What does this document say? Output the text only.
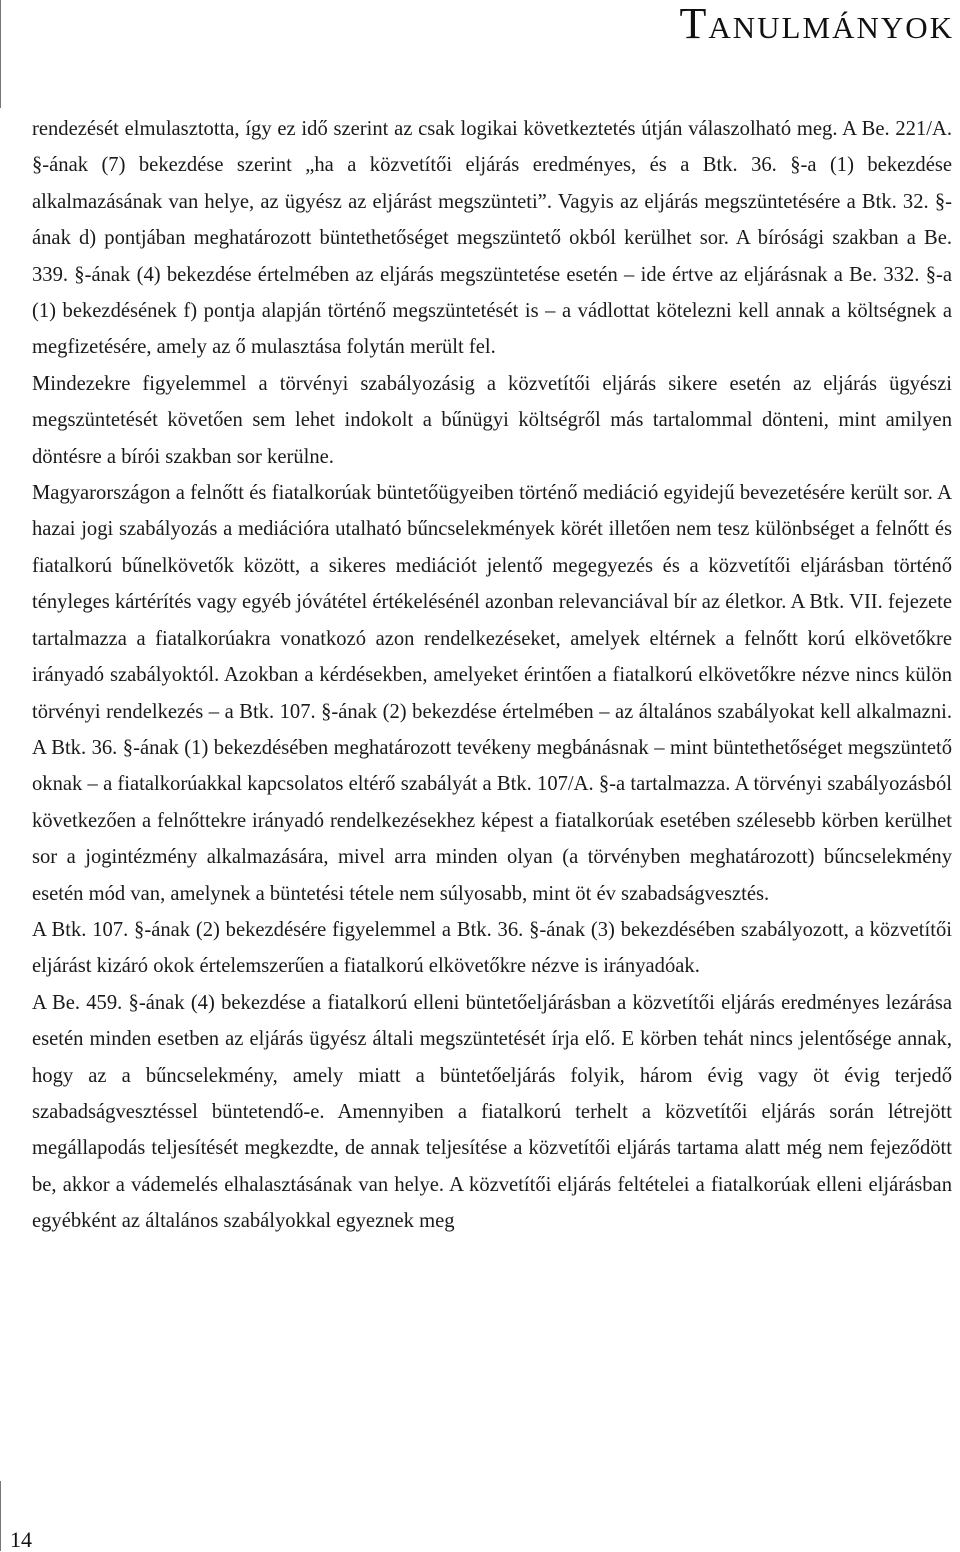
Tanulmányok

rendezését elmulasztotta, így ez idő szerint az csak logikai következtetés útján válaszolható meg. A Be. 221/A. §-ának (7) bekezdése szerint „ha a közvetítői eljárás eredményes, és a Btk. 36. §-a (1) bekezdése alkalmazásának van helye, az ügyész az eljárást megszünteti”. Vagyis az eljárás megszüntetésére a Btk. 32. §-ának d) pontjában meghatározott büntethetőséget megszüntető okból kerülhet sor. A bírósági szakban a Be. 339. §-ának (4) bekezdése értelmében az eljárás megszüntetése esetén – ide értve az eljárásnak a Be. 332. §-a (1) bekezdésének f) pontja alapján történő megszüntetését is – a vádlottat kötelezni kell annak a költségnek a megfizetésére, amely az ő mulasztása folytán merült fel.

Mindezekre figyelemmel a törvényi szabályozásig a közvetítői eljárás sikere esetén az eljárás ügyészi megszüntetését követően sem lehet indokolt a bűnügyi költségről más tartalommal dönteni, mint amilyen döntésre a bírói szakban sor kerülne.

Magyarországon a felnőtt és fiatalkorúak büntetőügyeiben történő mediáció egyidejű bevezetésére került sor. A hazai jogi szabályozás a mediációra utalható bűncselekmények körét illetően nem tesz különbséget a felnőtt és fiatalkorú bűnelkövetők között, a sikeres mediációt jelentő megegyezés és a közvetítői eljárásban történő tényleges kártérítés vagy egyéb jóvátétel értékelésénél azonban relevanciával bír az életkor. A Btk. VII. fejezete tartalmazza a fiatalkorúakra vonatkozó azon rendelkezéseket, amelyek eltérnek a felnőtt korú elkövetőkre irányadó szabályoktól. Azokban a kérdésekben, amelyeket érintően a fiatalkorú elkövetőkre nézve nincs külön törvényi rendelkezés – a Btk. 107. §-ának (2) bekezdése értelmében – az általános szabályokat kell alkalmazni. A Btk. 36. §-ának (1) bekezdésében meghatározott tevékeny megbánásnak – mint büntethetőséget megszüntető oknak – a fiatalkorúakkal kapcsolatos eltérő szabályát a Btk. 107/A. §-a tartalmazza. A törvényi szabályozásból következően a felnőttekre irányadó rendelkezésekhez képest a fiatalkorúak esetében szélesebb körben kerülhet sor a jogintézmény alkalmazására, mivel arra minden olyan (a törvényben meghatározott) bűncselekmény esetén mód van, amelynek a büntetési tétele nem súlyosabb, mint öt év szabadságvesztés.

A Btk. 107. §-ának (2) bekezdésére figyelemmel a Btk. 36. §-ának (3) bekezdésében szabályozott, a közvetítői eljárást kizáró okok értelemszerűen a fiatalkorú elkövetőkre nézve is irányadóak.

A Be. 459. §-ának (4) bekezdése a fiatalkorú elleni büntetőeljárásban a közvetítői eljárás eredményes lezárása esetén minden esetben az eljárás ügyész általi megszüntetését írja elő. E körben tehát nincs jelentősége annak, hogy az a bűncselekmény, amely miatt a büntetőeljárás folyik, három évig vagy öt évig terjedő szabadságvesztéssel büntetendő-e. Amennyiben a fiatalkorú terhelt a közvetítői eljárás során létrejött megállapodás teljesítését megkezdte, de annak teljesítése a közvetítői eljárás tartama alatt még nem fejeződött be, akkor a vádemelés elhalasztásának van helye. A közvetítői eljárás feltételei a fiatalkorúak elleni eljárásban egyébként az általános szabályokkal egyeznek meg

14
